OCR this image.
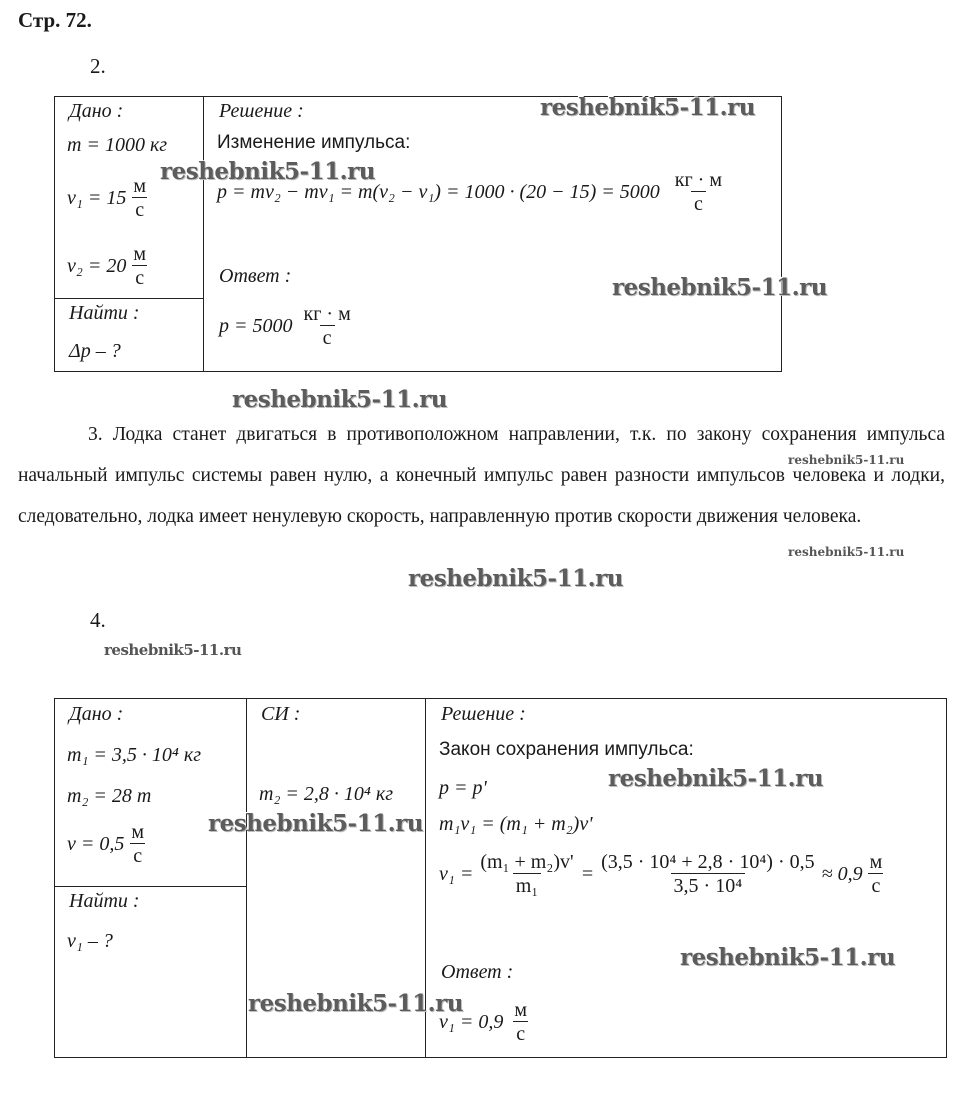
Стр. 72.
2.
Дано :
m = 1000 кг
$v_1 = 15 \frac{м}{с}$
$v_2 = 20 \frac{м}{с}$
Найти :
Δp – ?
Решение :
Изменение импульса:
$p = mv_2 - mv_1 = m(v_2 - v_1) = 1000 \cdot (20 - 15) = 5000 \frac{кг \cdot м}{с}$
Ответ :
$p = 5000 \frac{кг \cdot м}{с}$
3. Лодка станет двигаться в противоположном направлении, т.к. по закону сохранения импульса начальный импульс системы равен нулю, а конечный импульс равен разности импульсов человека и лодки, следовательно, лодка имеет ненулевую скорость, направленную против скорости движения человека.
4.
Дано :
m₁ = 3,5 · 10⁴ кг
m₂ = 28 т
$v = 0,5 \frac{м}{с}$
Найти :
v₁ – ?
СИ :
m₂ = 2,8 · 10⁴ кг
Решение :
Закон сохранения импульса:
p = p'
m₁v₁ = (m₁ + m₂)v'
$v_1 = \frac{\text{(m₁ + m₂)v'}}{\text{m₁}} = \frac{\text{(3,5 · 10⁴ + 2,8 · 10⁴) · 0,5}}{\text{3,5 · 10⁴}} \approx 0,9 \frac{м}{с}$
Ответ :
$v_1 = 0,9 \frac{м}{с}$
reshebnik5-11.ru
reshebnik5-11.ru
reshebnik5-11.ru
reshebnik5-11.ru
reshebnik5-11.ru
reshebnik5-11.ru
reshebnik5-11.ru
reshebnik5-11.ru
reshebnik5-11.ru
reshebnik5-11.ru
reshebnik5-11.ru
reshebnik5-11.ru
